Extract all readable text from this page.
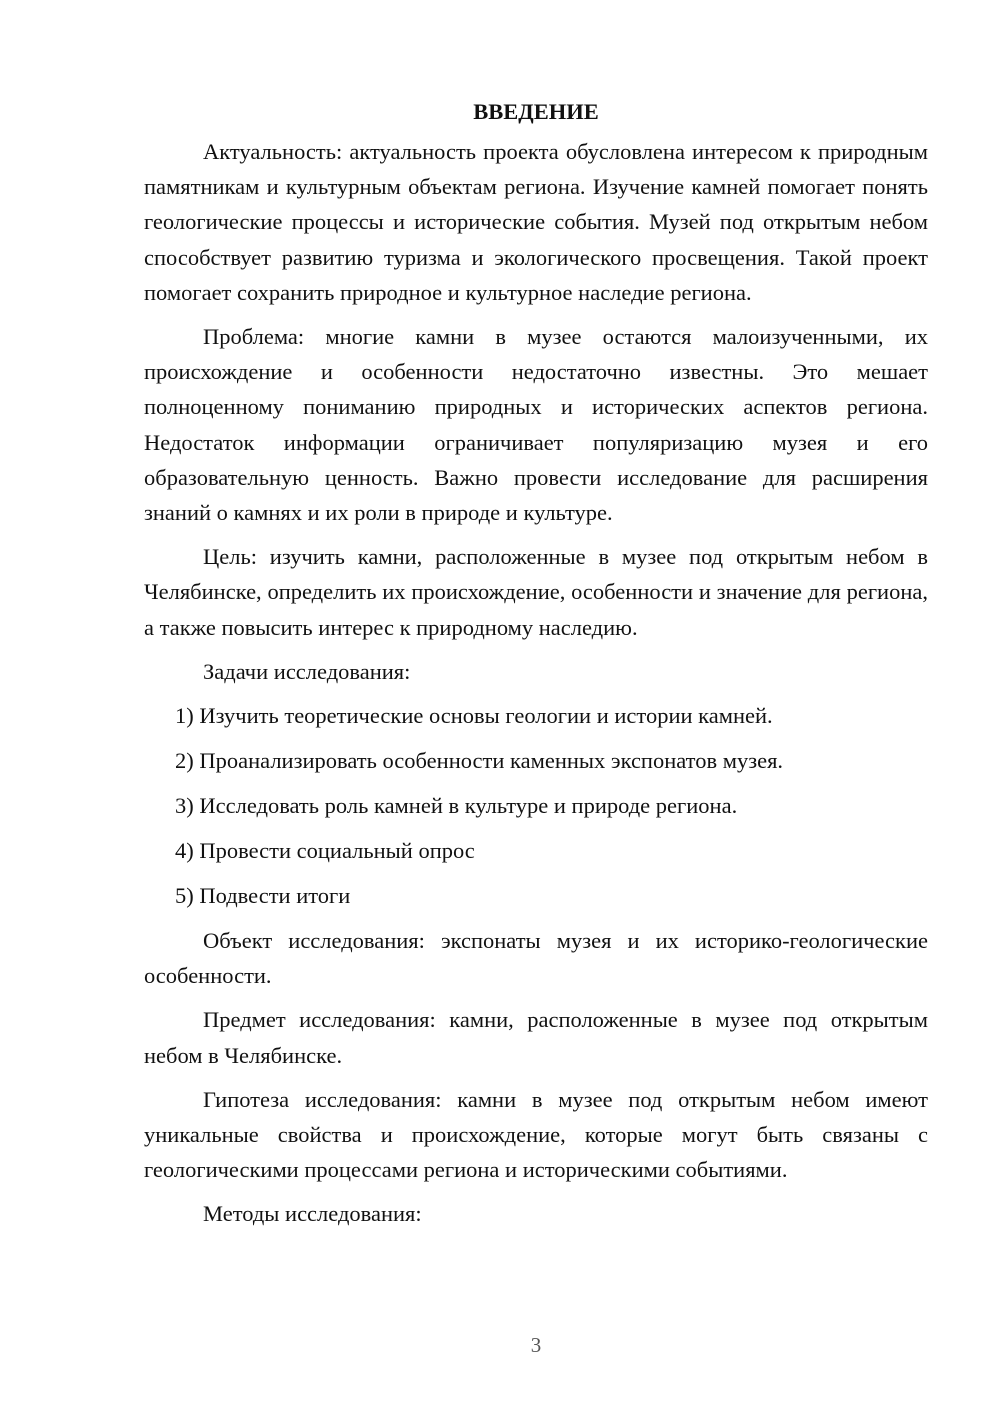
ВВЕДЕНИЕ

Актуальность: актуальность проекта обусловлена интересом к природным памятникам и культурным объектам региона. Изучение камней помогает понять геологические процессы и исторические события. Музей под открытым небом способствует развитию туризма и экологического просвещения. Такой проект помогает сохранить природное и культурное наследие региона.

Проблема: многие камни в музее остаются малоизученными, их происхождение и особенности недостаточно известны. Это мешает полноценному пониманию природных и исторических аспектов региона. Недостаток информации ограничивает популяризацию музея и его образовательную ценность. Важно провести исследование для расширения знаний о камнях и их роли в природе и культуре.

Цель: изучить камни, расположенные в музее под открытым небом в Челябинске, определить их происхождение, особенности и значение для региона, а также повысить интерес к природному наследию.

Задачи исследования:

1) Изучить теоретические основы геологии и истории камней.
2) Проанализировать особенности каменных экспонатов музея.
3) Исследовать роль камней в культуре и природе региона.
4) Провести социальный опрос
5) Подвести итоги

Объект исследования: экспонаты музея и их историко-геологические особенности.

Предмет исследования: камни, расположенные в музее под открытым небом в Челябинске.

Гипотеза исследования: камни в музее под открытым небом имеют уникальные свойства и происхождение, которые могут быть связаны с геологическими процессами региона и историческими событиями.

Методы исследования:

3
